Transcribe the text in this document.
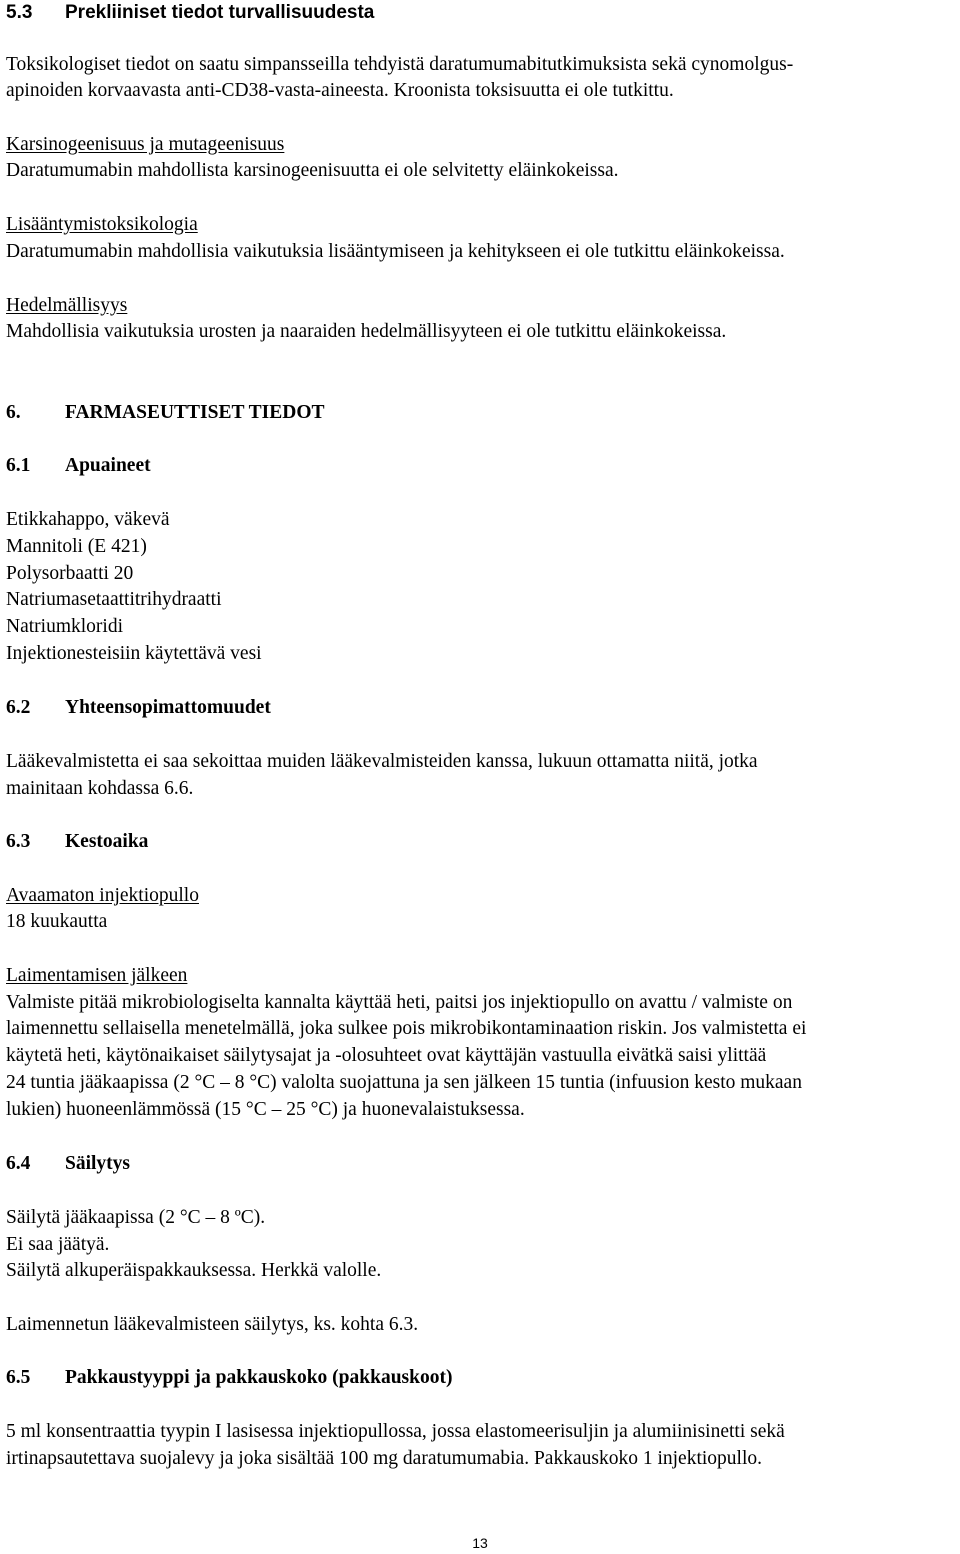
5.3 Prekliiniset tiedot turvallisuudesta
Toksikologiset tiedot on saatu simpansseilla tehdyistä daratumumabitutkimuksista sekä cynomolgus-
apinoiden korvaavasta anti-CD38-vasta-aineesta. Kroonista toksisuutta ei ole tutkittu.
Karsinogeenisuus ja mutageenisuus
Daratumumabin mahdollista karsinogeenisuutta ei ole selvitetty eläinkokeissa.
Lisääntymistoksikologia
Daratumumabin mahdollisia vaikutuksia lisääntymiseen ja kehitykseen ei ole tutkittu eläinkokeissa.
Hedelmällisyys
Mahdollisia vaikutuksia urosten ja naaraiden hedelmällisyyteen ei ole tutkittu eläinkokeissa.
6. FARMASEUTTISET TIEDOT
6.1 Apuaineet
Etikkahappo, väkevä
Mannitoli (E 421)
Polysorbaatti 20
Natriumasetaattitrihydraatti
Natriumkloridi
Injektionesteisiin käytettävä vesi
6.2 Yhteensopimattomuudet
Lääkevalmistetta ei saa sekoittaa muiden lääkevalmisteiden kanssa, lukuun ottamatta niitä, jotka
mainitaan kohdassa 6.6.
6.3 Kestoaika
Avaamaton injektiopullo
18 kuukautta
Laimentamisen jälkeen
Valmiste pitää mikrobiologiselta kannalta käyttää heti, paitsi jos injektiopullo on avattu / valmiste on
laimennettu sellaisella menetelmällä, joka sulkee pois mikrobikontaminaation riskin. Jos valmistetta ei
käytetä heti, käytönaikaiset säilytysajat ja -olosuhteet ovat käyttäjän vastuulla eivätkä saisi ylittää
24 tuntia jääkaapissa (2 °C – 8 °C) valolta suojattuna ja sen jälkeen 15 tuntia (infuusion kesto mukaan
lukien) huoneenlämmössä (15 °C – 25 °C) ja huonevalaistuksessa.
6.4 Säilytys
Säilytä jääkaapissa (2 °C – 8 ºC).
Ei saa jäätyä.
Säilytä alkuperäispakkauksessa. Herkkä valolle.
Laimennetun lääkevalmisteen säilytys, ks. kohta 6.3.
6.5 Pakkaustyyppi ja pakkauskoko (pakkauskoot)
5 ml konsentraattia tyypin I lasisessa injektiopullossa, jossa elastomeerisuljin ja alumiinisinetti sekä
irtinapsautettava suojalevy ja joka sisältää 100 mg daratumumabia. Pakkauskoko 1 injektiopullo.
13
